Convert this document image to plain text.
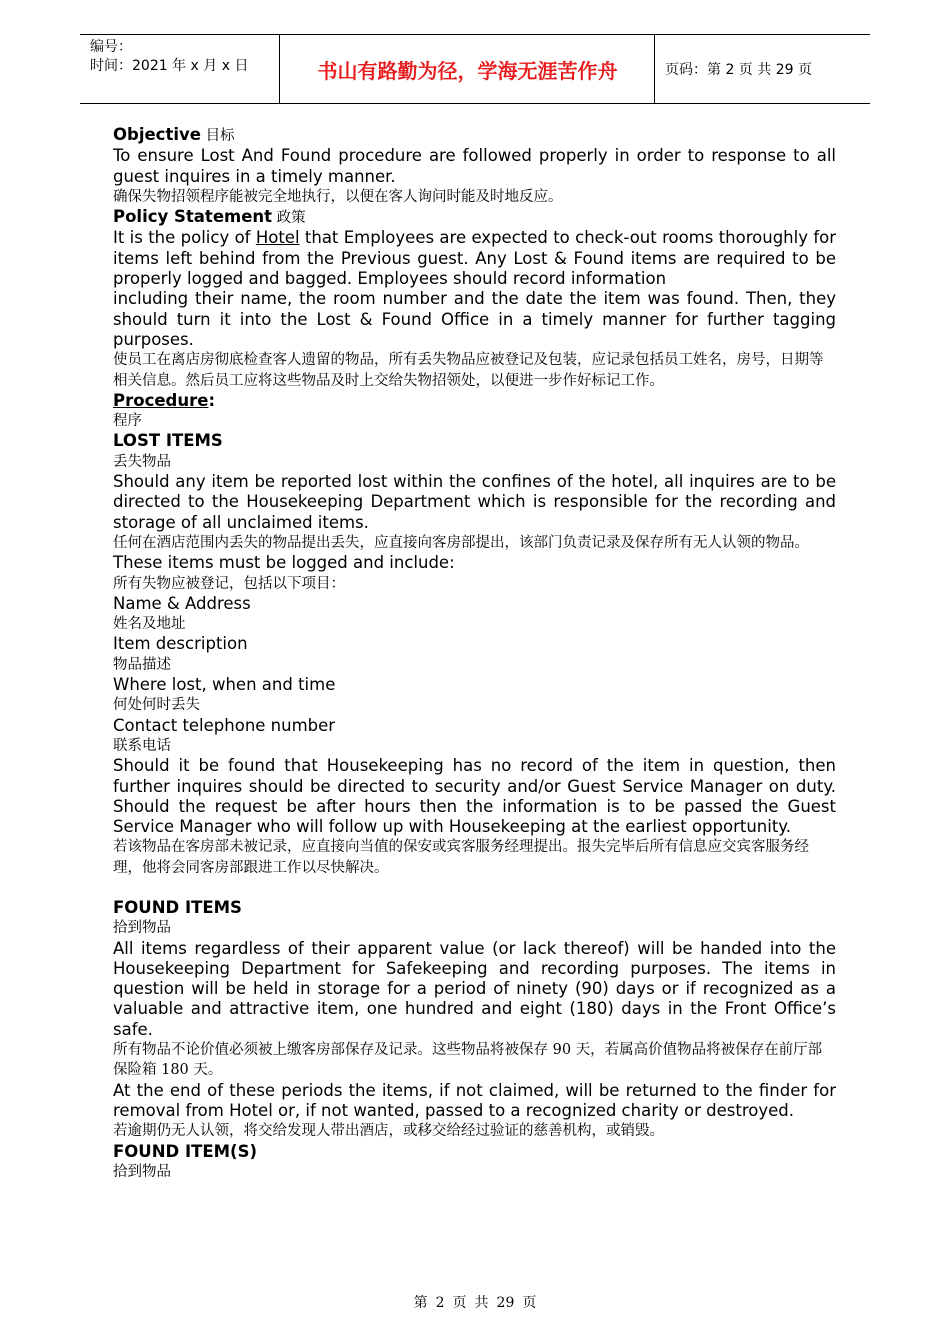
编号：
时间：2021 年 x 月 x 日	书山有路勤为径，学海无涯苦作舟	页码：第 2 页 共 29 页
Objective 目标
To ensure Lost And Found procedure are followed properly in order to response to all guest inquires in a timely manner.
确保失物招领程序能被完全地执行，以便在客人询问时能及时地反应。
Policy Statement 政策
It is the policy of Hotel that Employees are expected to check-out rooms thoroughly for items left behind from the Previous guest. Any Lost & Found items are required to be properly logged and bagged. Employees should record information
including their name, the room number and the date the item was found. Then, they should turn it into the Lost & Found Office in a timely manner for further tagging purposes.
使员工在离店房彻底检查客人遗留的物品，所有丢失物品应被登记及包装，应记录包括员工姓名，房号，日期等相关信息。然后员工应将这些物品及时上交给失物招领处，以便进一步作好标记工作。
Procedure:
程序
LOST ITEMS
丢失物品
Should any item be reported lost within the confines of the hotel, all inquires are to be directed to the Housekeeping Department which is responsible for the recording and storage of all unclaimed items.
任何在酒店范围内丢失的物品提出丢失，应直接向客房部提出，该部门负责记录及保存所有无人认领的物品。
These items must be logged and include:
所有失物应被登记，包括以下项目：
Name & Address
姓名及地址
Item description
物品描述
Where lost, when and time
何处何时丢失
Contact telephone number
联系电话
Should it be found that Housekeeping has no record of the item in question, then further inquires should be directed to security and/or Guest Service Manager on duty. Should the request be after hours then the information is to be passed the Guest Service Manager who will follow up with Housekeeping at the earliest opportunity.
若该物品在客房部未被记录，应直接向当值的保安或宾客服务经理提出。报失完毕后所有信息应交宾客服务经理，他将会同客房部跟进工作以尽快解决。
FOUND ITEMS
拾到物品
All items regardless of their apparent value (or lack thereof) will be handed into the Housekeeping Department for Safekeeping and recording purposes. The items in question will be held in storage for a period of ninety (90) days or if recognized as a valuable and attractive item, one hundred and eight (180) days in the Front Office’s safe.
所有物品不论价值必须被上缴客房部保存及记录。这些物品将被保存 90 天，若属高价值物品将被保存在前厅部保险箱 180 天。
At the end of these periods the items, if not claimed, will be returned to the finder for removal from Hotel or, if not wanted, passed to a recognized charity or destroyed.
若逾期仍无人认领，将交给发现人带出酒店，或移交给经过验证的慈善机构，或销毁。
FOUND ITEM(S)
拾到物品
第 2 页 共 29 页
